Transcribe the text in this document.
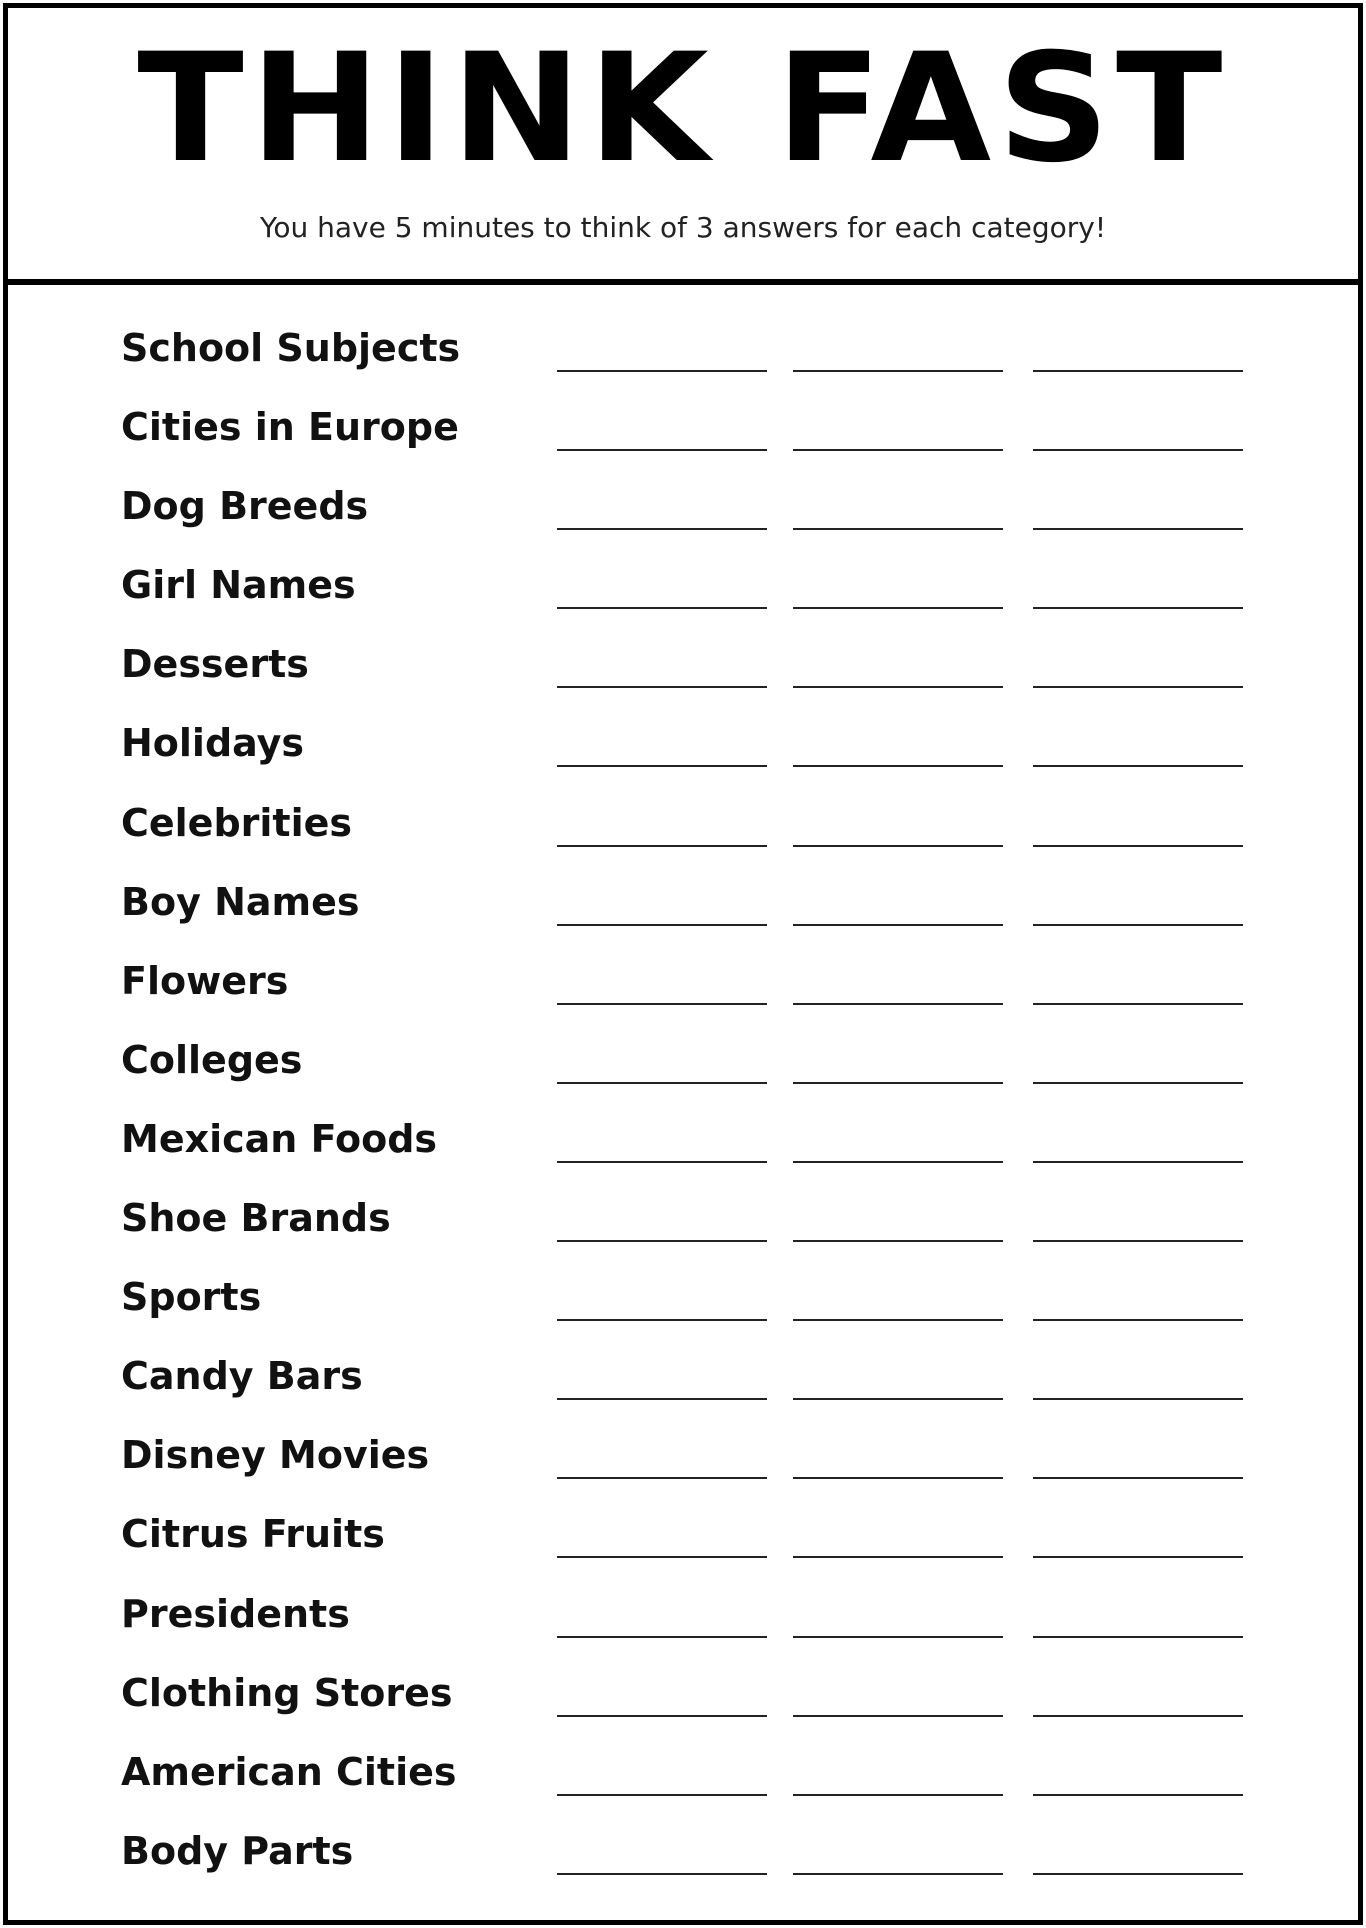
THINK FAST
You have 5 minutes to think of 3 answers for each category!
School Subjects
Cities in Europe
Dog Breeds
Girl Names
Desserts
Holidays
Celebrities
Boy Names
Flowers
Colleges
Mexican Foods
Shoe Brands
Sports
Candy Bars
Disney Movies
Citrus Fruits
Presidents
Clothing Stores
American Cities
Body Parts
